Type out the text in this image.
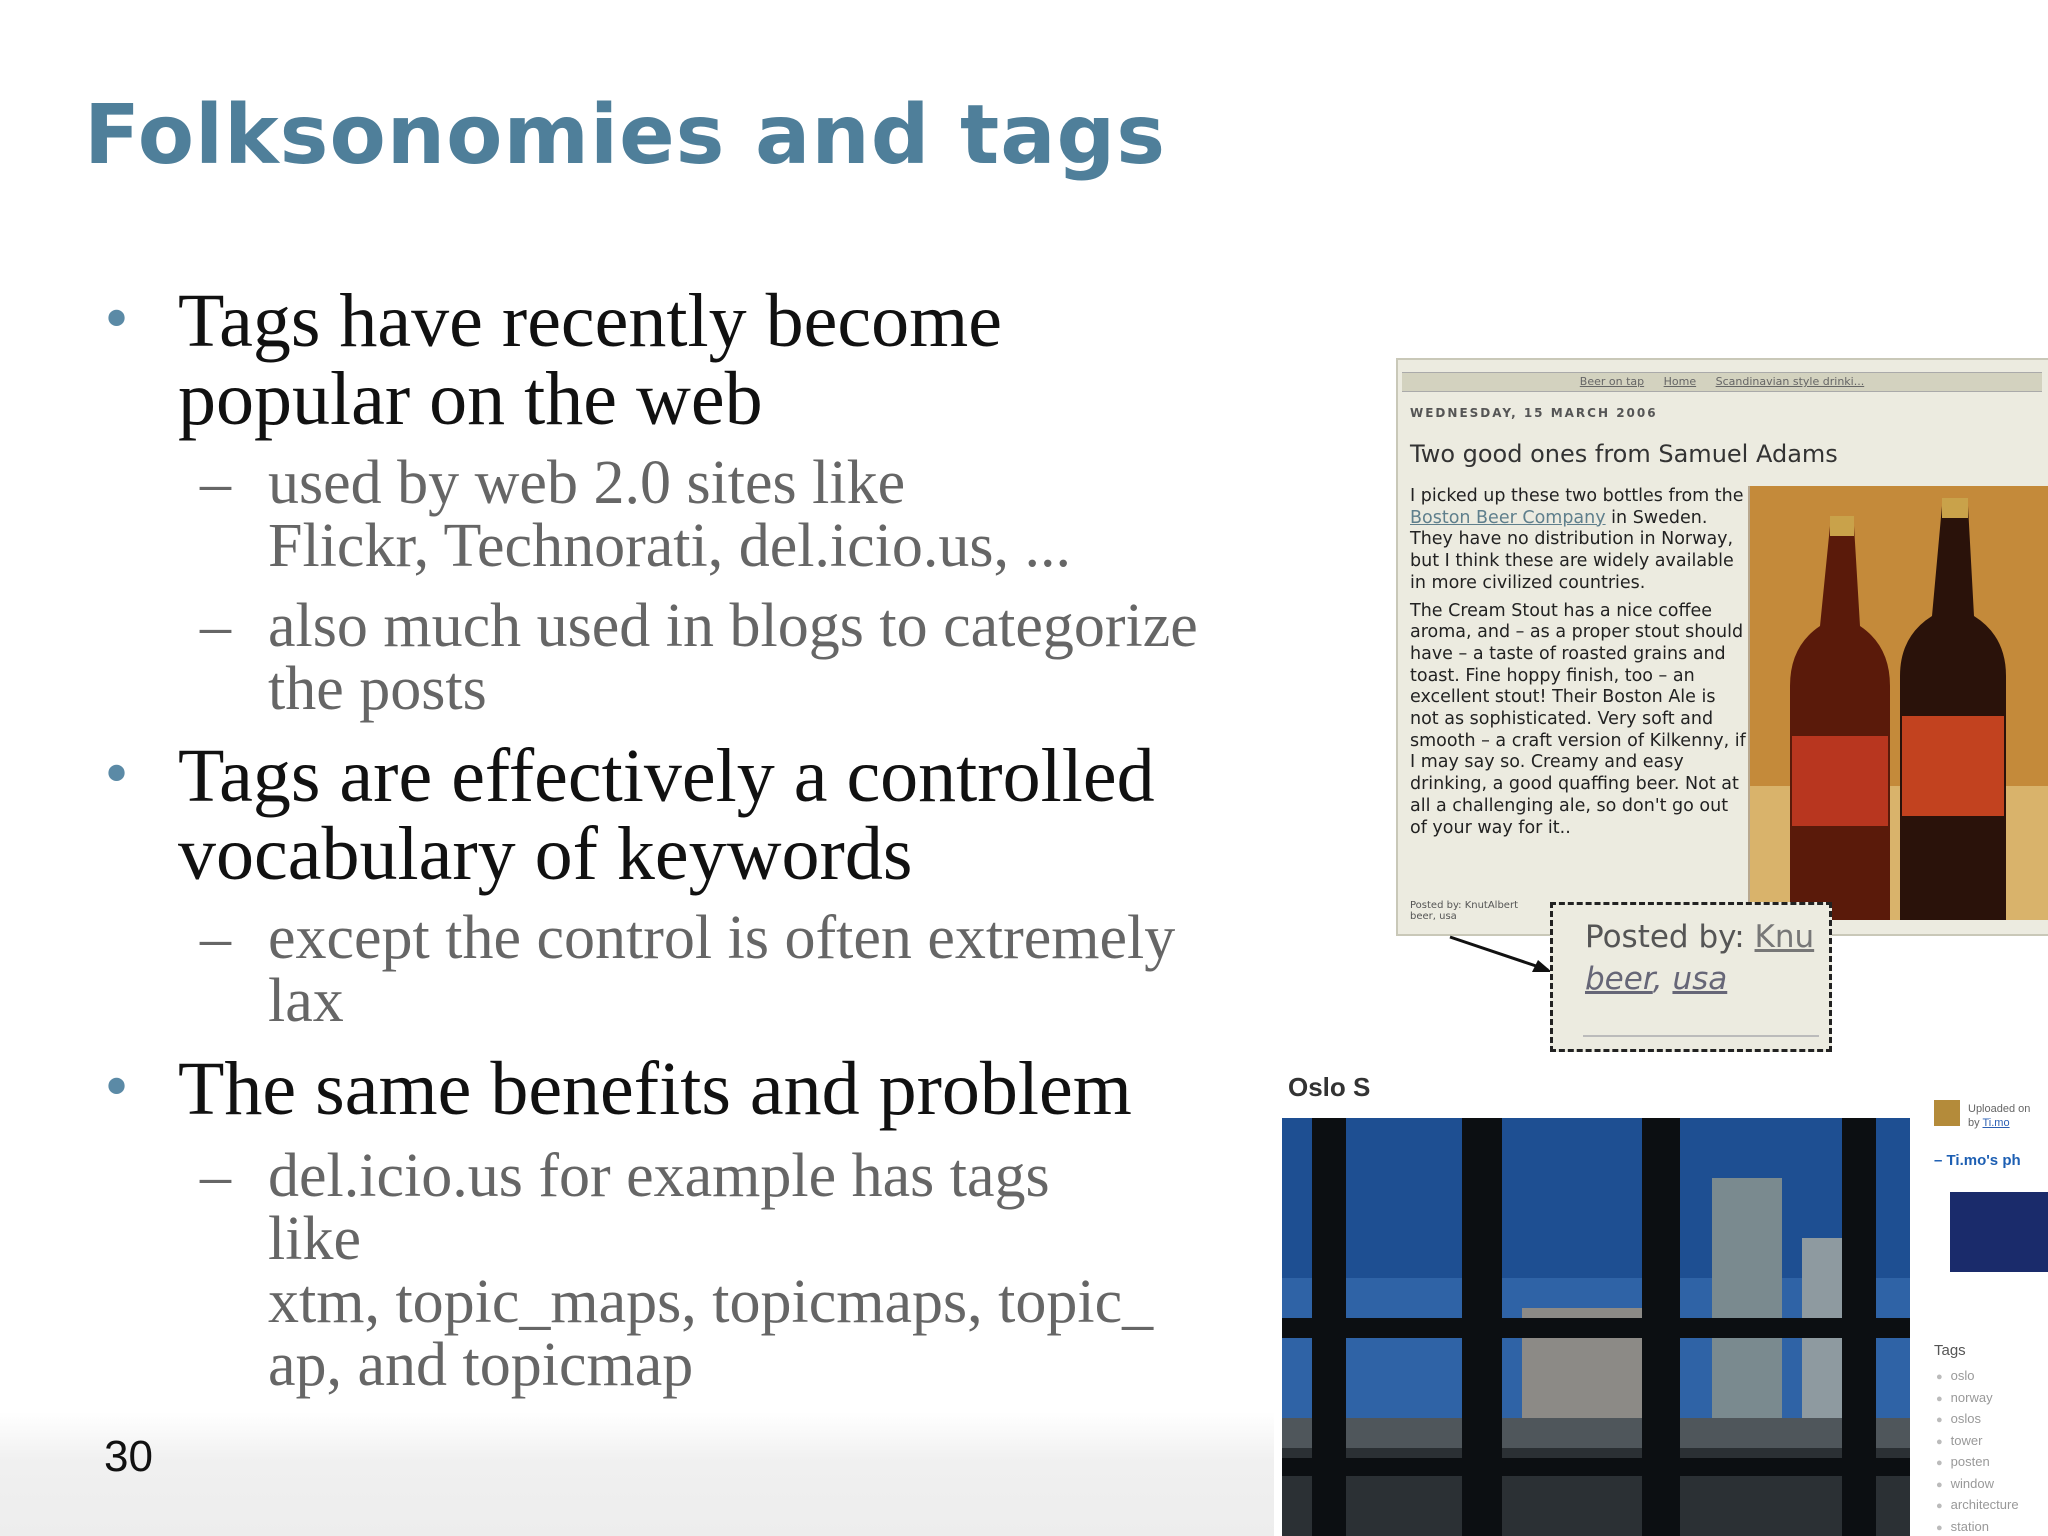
Folksonomies and tags
• Tags have recently become
popular on the web
– used by web 2.0 sites like
Flickr, Technorati, del.icio.us, ...
– also much used in blogs to categorize
the posts
• Tags are effectively a controlled
vocabulary of keywords
– except the control is often extremely
lax
• The same benefits and problem
– del.icio.us for example has tags
like
xtm, topic_maps, topicmaps, topic_
ap, and topicmap
30
Beer on tap Home Scandinavian style drinki...
WEDNESDAY, 15 MARCH 2006
Two good ones from Samuel Adams

I picked up these two bottles from the Boston Beer Company in Sweden. They have no distribution in Norway, but I think these are widely available in more civilized countries.

The Cream Stout has a nice coffee aroma, and – as a proper stout should have – a taste of roasted grains and toast. Fine hoppy finish, too – an excellent stout! Their Boston Ale is not as sophisticated. Very soft and smooth – a craft version of Kilkenny, if I may say so. Creamy and easy drinking, a good quaffing beer. Not at all a challenging ale, so don't go out of your way for it..

Posted by: KnutAlbert
beer, usa
Posted by: Knu
beer, usa
Oslo S
Uploaded on
by Ti.mo
– Ti.mo's ph
Tags
● oslo
● norway
● oslos
● tower
● posten
● window
● architecture
● station
